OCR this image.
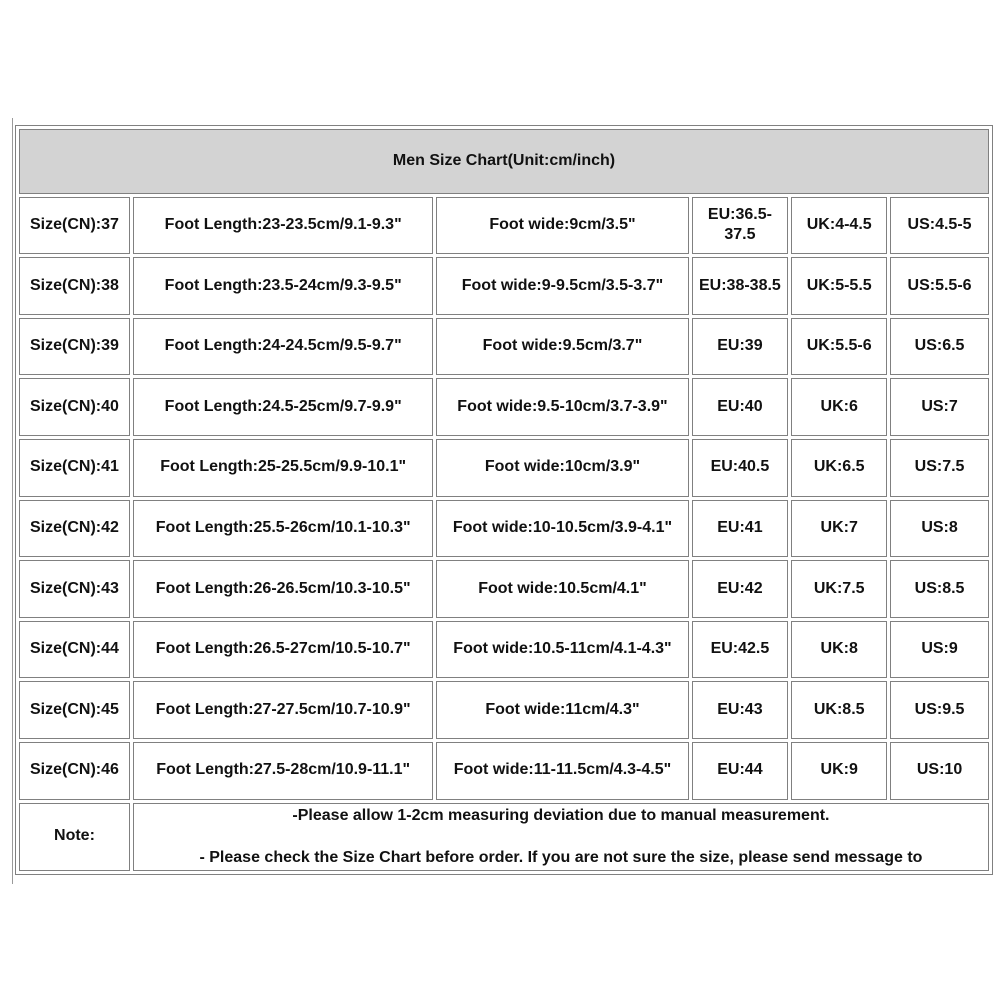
Men Size Chart(Unit:cm/inch)					
Size(CN):37	Foot Length:23-23.5cm/9.1-9.3"	Foot wide:9cm/3.5"	EU:36.5-37.5	UK:4-4.5	US:4.5-5
Size(CN):38	Foot Length:23.5-24cm/9.3-9.5"	Foot wide:9-9.5cm/3.5-3.7"	EU:38-38.5	UK:5-5.5	US:5.5-6
Size(CN):39	Foot Length:24-24.5cm/9.5-9.7"	Foot wide:9.5cm/3.7"	EU:39	UK:5.5-6	US:6.5
Size(CN):40	Foot Length:24.5-25cm/9.7-9.9"	Foot wide:9.5-10cm/3.7-3.9"	EU:40	UK:6	US:7
Size(CN):41	Foot Length:25-25.5cm/9.9-10.1"	Foot wide:10cm/3.9"	EU:40.5	UK:6.5	US:7.5
Size(CN):42	Foot Length:25.5-26cm/10.1-10.3"	Foot wide:10-10.5cm/3.9-4.1"	EU:41	UK:7	US:8
Size(CN):43	Foot Length:26-26.5cm/10.3-10.5"	Foot wide:10.5cm/4.1"	EU:42	UK:7.5	US:8.5
Size(CN):44	Foot Length:26.5-27cm/10.5-10.7"	Foot wide:10.5-11cm/4.1-4.3"	EU:42.5	UK:8	US:9
Size(CN):45	Foot Length:27-27.5cm/10.7-10.9"	Foot wide:11cm/4.3"	EU:43	UK:8.5	US:9.5
Size(CN):46	Foot Length:27.5-28cm/10.9-11.1"	Foot wide:11-11.5cm/4.3-4.5"	EU:44	UK:9	US:10
Note:	-Please allow 1-2cm measuring deviation due to manual measurement.
- Please check the Size Chart before order. If you are not sure the size, please send message to				
